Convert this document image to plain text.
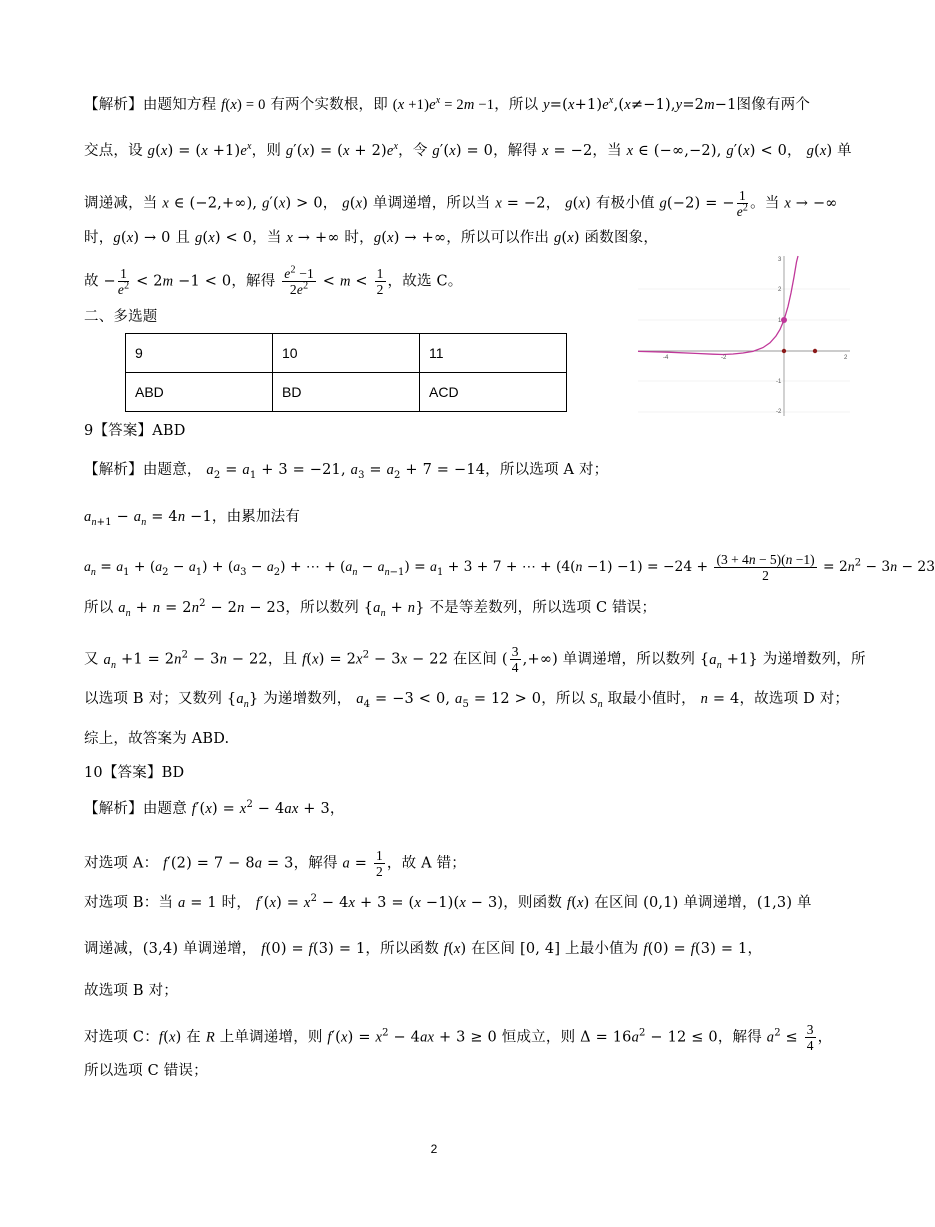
【解析】由题知方程 f(x) = 0 有两个实数根，即 $(x +1)e^x = 2m -1$，所以 $y=(x+1)e^x,(x\ne-1),y=2m-1$图像有两个
交点，设 $g(x) = (x +1)e^x$，则 $g'(x) = (x + 2)e^x$，令 g′(x) = 0，解得 x = −2，当 x ∈ (−∞,−2), g′(x) < 0， g(x) 单
调递减，当 x ∈ (−2,+∞), g′(x) > 0， g(x) 单调递增，所以当 x = −2， g(x) 有极小值 g(−2) = − $\frac{1}{e^2}$ 。当 x → −∞
时，g(x) → 0 且 g(x) < 0，当 x → +∞ 时，g(x) → +∞，所以可以作出 g(x) 函数图象，
故 − $\frac{1}{e^2} < 2m -1 < 0$，解得 $\frac{e^2 -1}{2e^2} < m < \frac{1}{2}$ ，故选 C。
-4	-2	2
3
2
1
-1
-2
二、多选题
9	10	11
ABD	BD	ACD
9【答案】ABD
【解析】由题意， $a_2 = a_1 + 3 = -21$, $a_3 = a_2 + 7 = -14$，所以选项 A 对；
$a_{n+1} - a_n = 4n -1$，由累加法有
$a_n = a_1 + (a_2 - a_1) + (a_3 - a_2)$ + ⋯ + $(a_n - a_{n-1}) = a_1 + 3 + 7$ + ⋯ + $(4(n -1) -1) = -24 + \frac{(3 + 4n - 5)(n -1)}{2} = 2n^2 - 3n - 23$
所以 $a_n + n = 2n^2 - 2n - 23$，所以数列 $\{a_n + n\}$ 不是等差数列，所以选项 C 错误；
又 $a_n +1 = 2n^2 - 3n - 22$，且 $f(x) = 2x^2 - 3x - 22$ 在区间 ( $\frac{3}{4}$ ,+∞) 单调递增，所以数列 $\{a_n +1\}$ 为递增数列，所
以选项 B 对；又数列 $\{a_n\}$ 为递增数列， $a_4 = -3 < 0$, $a_5 = 12 > 0$，所以 $S_n$ 取最小值时， n = 4，故选项 D 对；
综上，故答案为 ABD.
10【答案】BD
【解析】由题意 $f'(x) = x^2 - 4ax + 3$，
对选项 A： f′(2) = 7 − 8a = 3，解得 $a = \frac{1}{2}$ ，故 A 错；
对选项 B：当 a = 1 时， $f'(x) = x^2 - 4x + 3 = (x -1)(x - 3)$，则函数 f(x) 在区间 (0,1) 单调递增，(1,3) 单
调递减，(3,4) 单调递增， f(0) = f(3) = 1，所以函数 f(x) 在区间 [0, 4] 上最小值为 f(0) = f(3) = 1，
故选项 B 对；
对选项 C：f(x) 在 R 上单调递增，则 $f'(x) = x^2 - 4ax + 3 \ge 0$ 恒成立，则 $\Delta = 16a^2 - 12 \le 0$，解得 $a^2 \le \frac{3}{4}$ ，
所以选项 C 错误；
2
